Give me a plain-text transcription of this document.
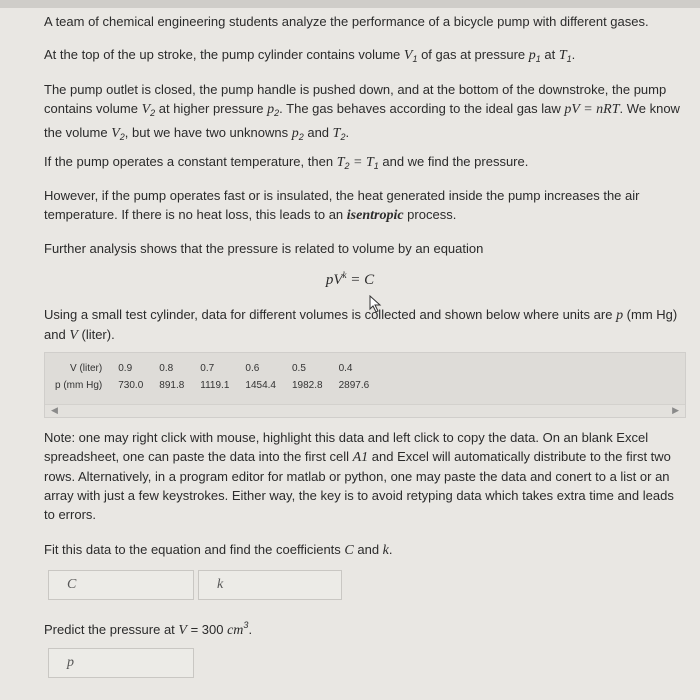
A team of chemical engineering students analyze the performance of a bicycle pump with different gases.

At the top of the up stroke, the pump cylinder contains volume $V_1$ of gas at pressure $p_1$ at $T_1$.

The pump outlet is closed, the pump handle is pushed down, and at the bottom of the downstroke, the pump contains volume $V_2$ at higher pressure $p_2$. The gas behaves according to the ideal gas law pV = nRT. We know the volume $V_2$, but we have two unknowns $p_2$ and $T_2$.

If the pump operates a constant temperature, then $T_2 = T_1$ and we find the pressure.

However, if the pump operates fast or is insulated, the heat generated inside the pump increases the air temperature. If there is no heat loss, this leads to an isentropic process.

Further analysis shows that the pressure is related to volume by an equation

$pV^k = C$

Using a small test cylinder, data for different volumes is collected and shown below where units are p (mm Hg) and V (liter).

V (liter)	0.9	0.8	0.7	0.6	0.5	0.4
p (mm Hg)	730.0	891.8	1119.1	1454.4	1982.8	2897.6
◀	▶

Note: one may right click with mouse, highlight this data and left click to copy the data. On an blank Excel spreadsheet, one can paste the data into the first cell A1 and Excel will automatically distribute to the first two rows. Alternatively, in a program editor for matlab or python, one may paste the data and conert to a list or an array with just a few keystrokes. Either way, the key is to avoid retyping data which takes extra time and leads to errors.

Fit this data to the equation and find the coefficients C and k.

C	k

Predict the pressure at V = 300 $cm^3$.

p
